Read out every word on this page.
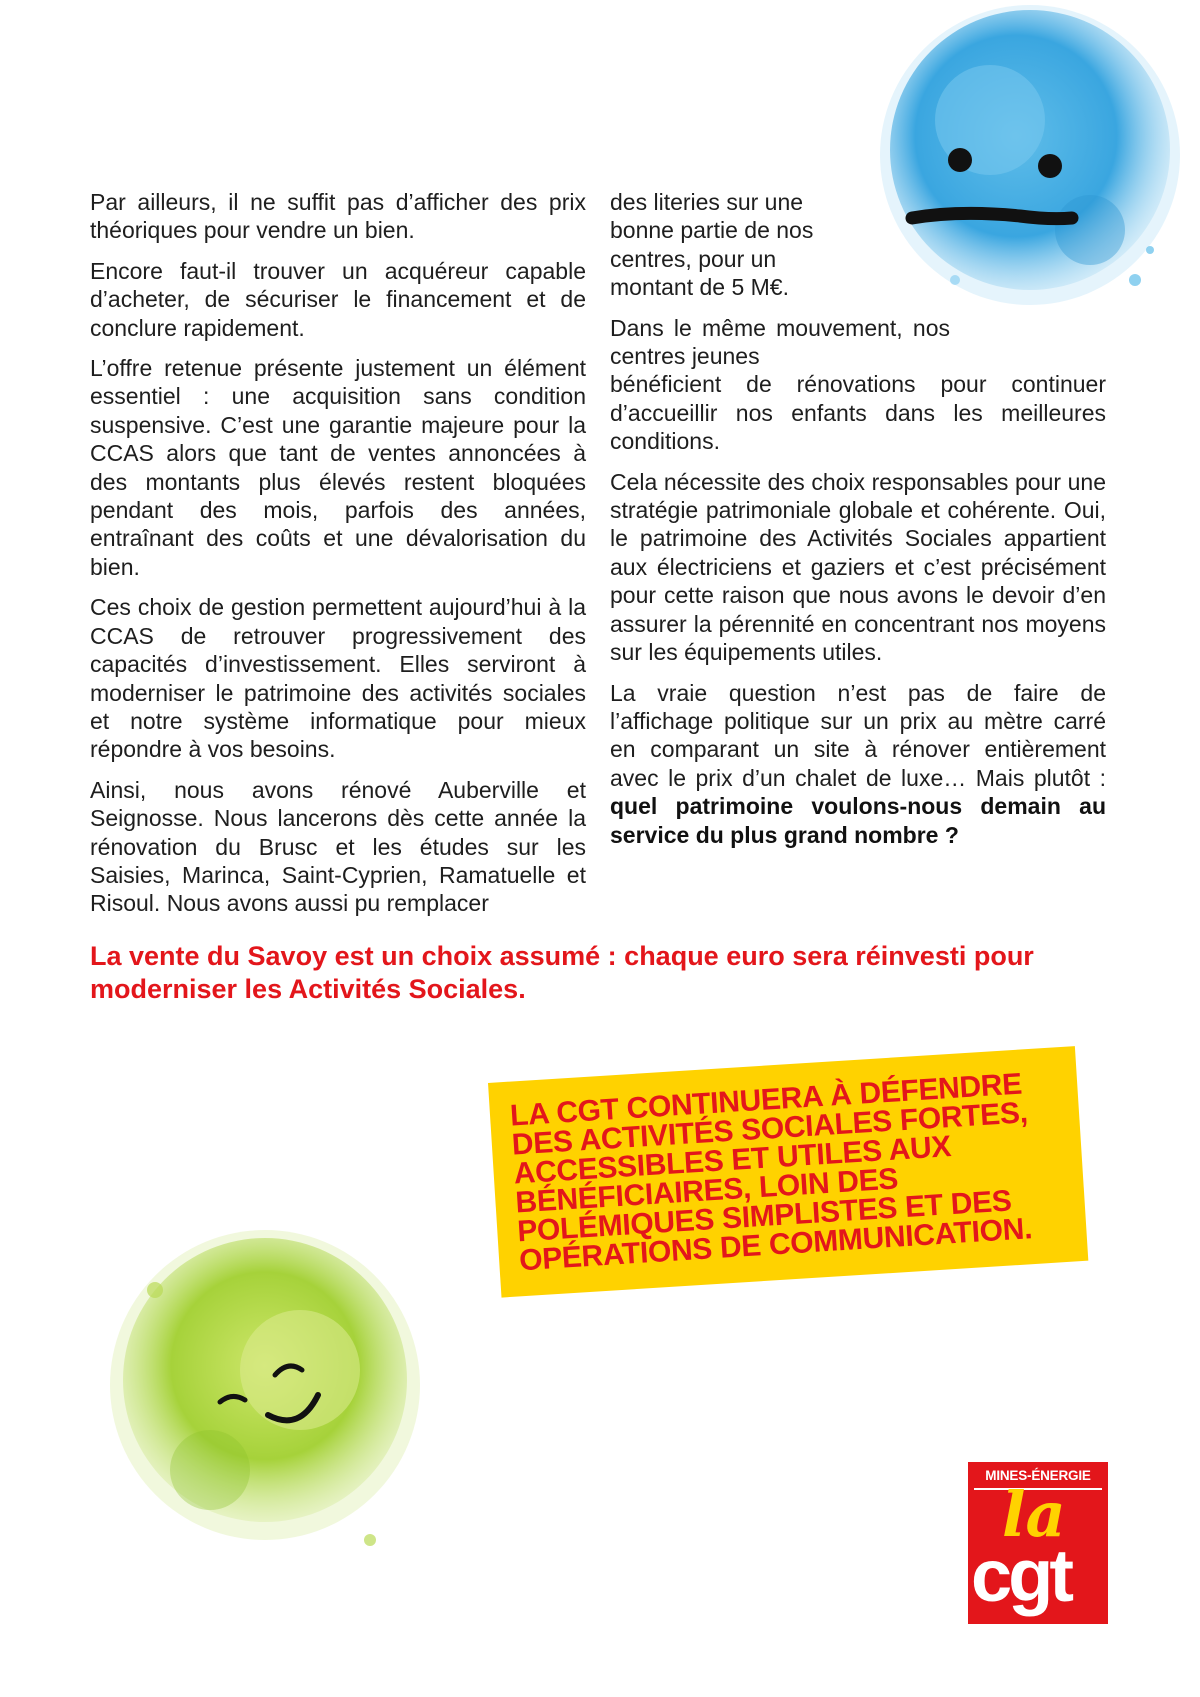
Par ailleurs, il ne suffit pas d’afficher des prix théoriques pour vendre un bien.

Encore faut-il trouver un acquéreur capable d’acheter, de sécuriser le financement et de conclure rapidement.

L’offre retenue présente justement un élément essentiel : une acquisition sans condition suspensive. C’est une garantie majeure pour la CCAS alors que tant de ventes annoncées à des montants plus élevés restent bloquées pendant des mois, parfois des années, entraînant des coûts et une dévalorisation du bien.

Ces choix de gestion permettent aujourd’hui à la CCAS de retrouver progressivement des capacités d’investissement. Elles serviront à moderniser le patrimoine des activités sociales et notre système informatique pour mieux répondre à vos besoins.

Ainsi, nous avons rénové Auberville et Seignosse. Nous lancerons dès cette année la rénovation du Brusc et les études sur les Saisies, Marinca, Saint-Cyprien, Ramatuelle et Risoul. Nous avons aussi pu remplacer

des literies sur une bonne partie de nos centres, pour un montant de 5 M€.

Dans le même mouvement, nos centres jeunes

bénéficient de rénovations pour continuer d’accueillir nos enfants dans les meilleures conditions.

Cela nécessite des choix responsables pour une stratégie patrimoniale globale et cohérente. Oui, le patrimoine des Activités Sociales appartient aux électriciens et gaziers et c’est précisément pour cette raison que nous avons le devoir d’en assurer la pérennité en concentrant nos moyens sur les équipements utiles.

La vraie question n’est pas de faire de l’affichage politique sur un prix au mètre carré en comparant un site à rénover entièrement avec le prix d’un chalet de luxe… Mais plutôt : quel patrimoine voulons-nous demain au service du plus grand nombre ?

La vente du Savoy est un choix assumé : chaque euro sera réinvesti pour moderniser les Activités Sociales.
LA CGT CONTINUERA À DÉFENDRE DES ACTIVITÉS SOCIALES FORTES, ACCESSIBLES ET UTILES AUX BÉNÉFICIAIRES, LOIN DES POLÉMIQUES SIMPLISTES ET DES OPÉRATIONS DE COMMUNICATION.
MINES-ÉNERGIE
la
cgt
